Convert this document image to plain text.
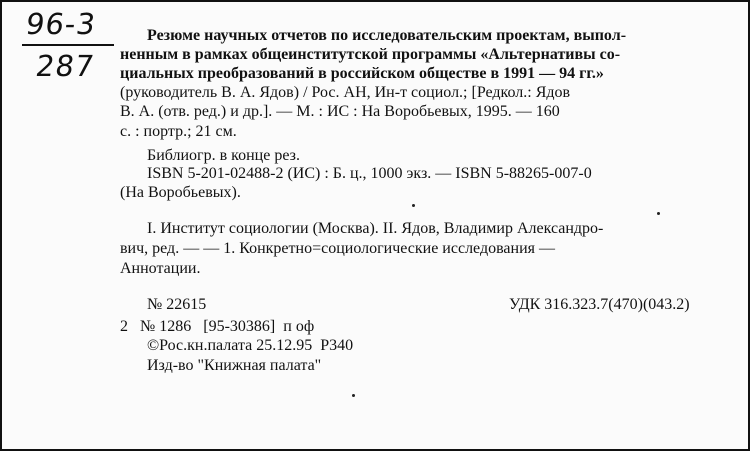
96-3
287
Резюме научных отчетов по исследовательским проектам, выпол-
ненным в рамках общеинститутской программы «Альтернативы со-
циальных преобразований в российском обществе в 1991 — 94 гг.»
(руководитель В. А. Ядов) / Рос. АН, Ин-т социол.; [Редкол.: Ядов
В. А. (отв. ред.) и др.]. — М. : ИС : На Воробьевых, 1995. — 160
с. : портр.; 21 см.
Библиогр. в конце рез.
ISBN 5-201-02488-2 (ИС) : Б. ц., 1000 экз. — ISBN 5-88265-007-0
(На Воробьевых).
I. Институт социологии (Москва). II. Ядов, Владимир Александро-
вич, ред. — — 1. Конкретно=социологические исследования —
Аннотации.
№ 22615	УДК 316.323.7(470)(043.2)
2   № 1286   [95-30386]  п оф
©Рос.кн.палата 25.12.95  Р340
Изд-во "Книжная палата"
